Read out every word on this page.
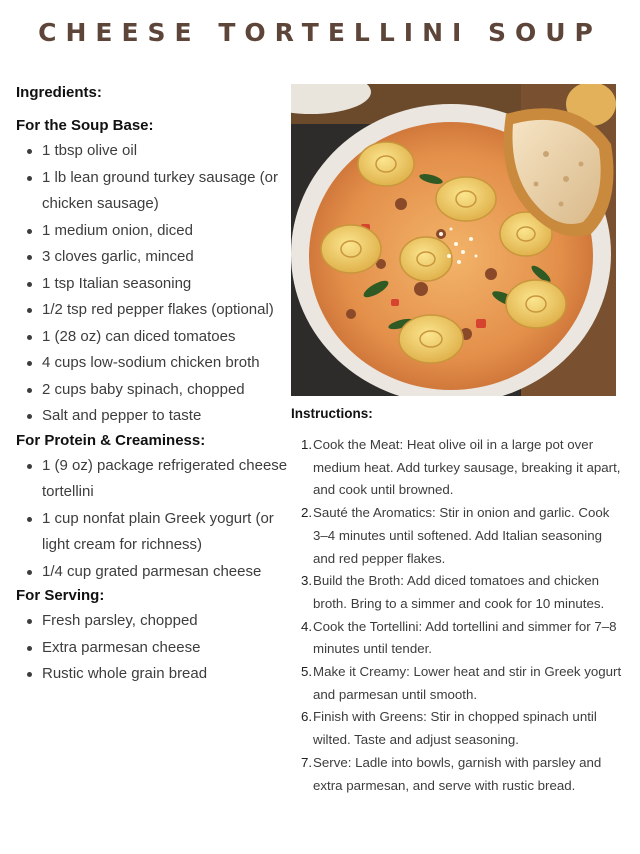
CHEESE TORTELLINI SOUP
Ingredients:
For the Soup Base:
1 tbsp olive oil
1 lb lean ground turkey sausage (or chicken sausage)
1 medium onion, diced
3 cloves garlic, minced
1 tsp Italian seasoning
1/2 tsp red pepper flakes (optional)
1 (28 oz) can diced tomatoes
4 cups low-sodium chicken broth
2 cups baby spinach, chopped
Salt and pepper to taste
For Protein & Creaminess:
1 (9 oz) package refrigerated cheese tortellini
1 cup nonfat plain Greek yogurt (or light cream for richness)
1/4 cup grated parmesan cheese
For Serving:
Fresh parsley, chopped
Extra parmesan cheese
Rustic whole grain bread
Instructions:
1. Cook the Meat: Heat olive oil in a large pot over medium heat. Add turkey sausage, breaking it apart, and cook until browned.
2. Sauté the Aromatics: Stir in onion and garlic. Cook 3–4 minutes until softened. Add Italian seasoning and red pepper flakes.
3. Build the Broth: Add diced tomatoes and chicken broth. Bring to a simmer and cook for 10 minutes.
4. Cook the Tortellini: Add tortellini and simmer for 7–8 minutes until tender.
5. Make it Creamy: Lower heat and stir in Greek yogurt and parmesan until smooth.
6. Finish with Greens: Stir in chopped spinach until wilted. Taste and adjust seasoning.
7. Serve: Ladle into bowls, garnish with parsley and extra parmesan, and serve with rustic bread.
